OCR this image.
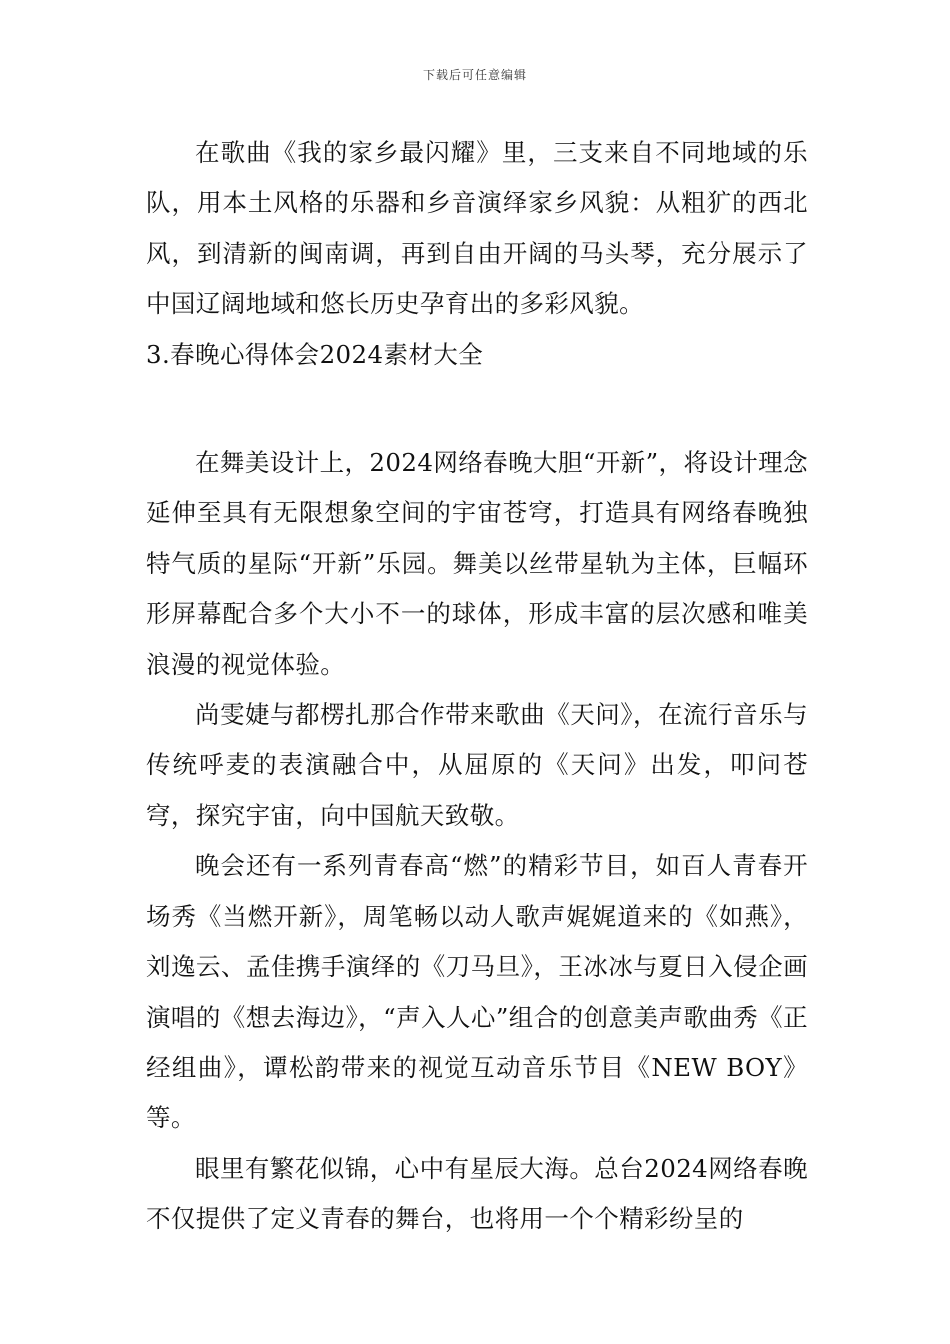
下载后可任意编辑

在歌曲《我的家乡最闪耀》里，三支来自不同地域的乐队，用本土风格的乐器和乡音演绎家乡风貌：从粗犷的西北风，到清新的闽南调，再到自由开阔的马头琴，充分展示了中国辽阔地域和悠长历史孕育出的多彩风貌。

3.春晚心得体会2024素材大全

在舞美设计上，2024网络春晚大胆“开新”，将设计理念延伸至具有无限想象空间的宇宙苍穹，打造具有网络春晚独特气质的星际“开新”乐园。舞美以丝带星轨为主体，巨幅环形屏幕配合多个大小不一的球体，形成丰富的层次感和唯美浪漫的视觉体验。

尚雯婕与都楞扎那合作带来歌曲《天问》，在流行音乐与传统呼麦的表演融合中，从屈原的《天问》出发，叩问苍穹，探究宇宙，向中国航天致敬。

晚会还有一系列青春高“燃”的精彩节目，如百人青春开场秀《当燃开新》，周笔畅以动人歌声娓娓道来的《如燕》，刘逸云、孟佳携手演绎的《刀马旦》，王冰冰与夏日入侵企画演唱的《想去海边》，“声入人心”组合的创意美声歌曲秀《正经组曲》，谭松韵带来的视觉互动音乐节目《NEW BOY》等。

眼里有繁花似锦，心中有星辰大海。总台2024网络春晚不仅提供了定义青春的舞台，也将用一个个精彩纷呈的
